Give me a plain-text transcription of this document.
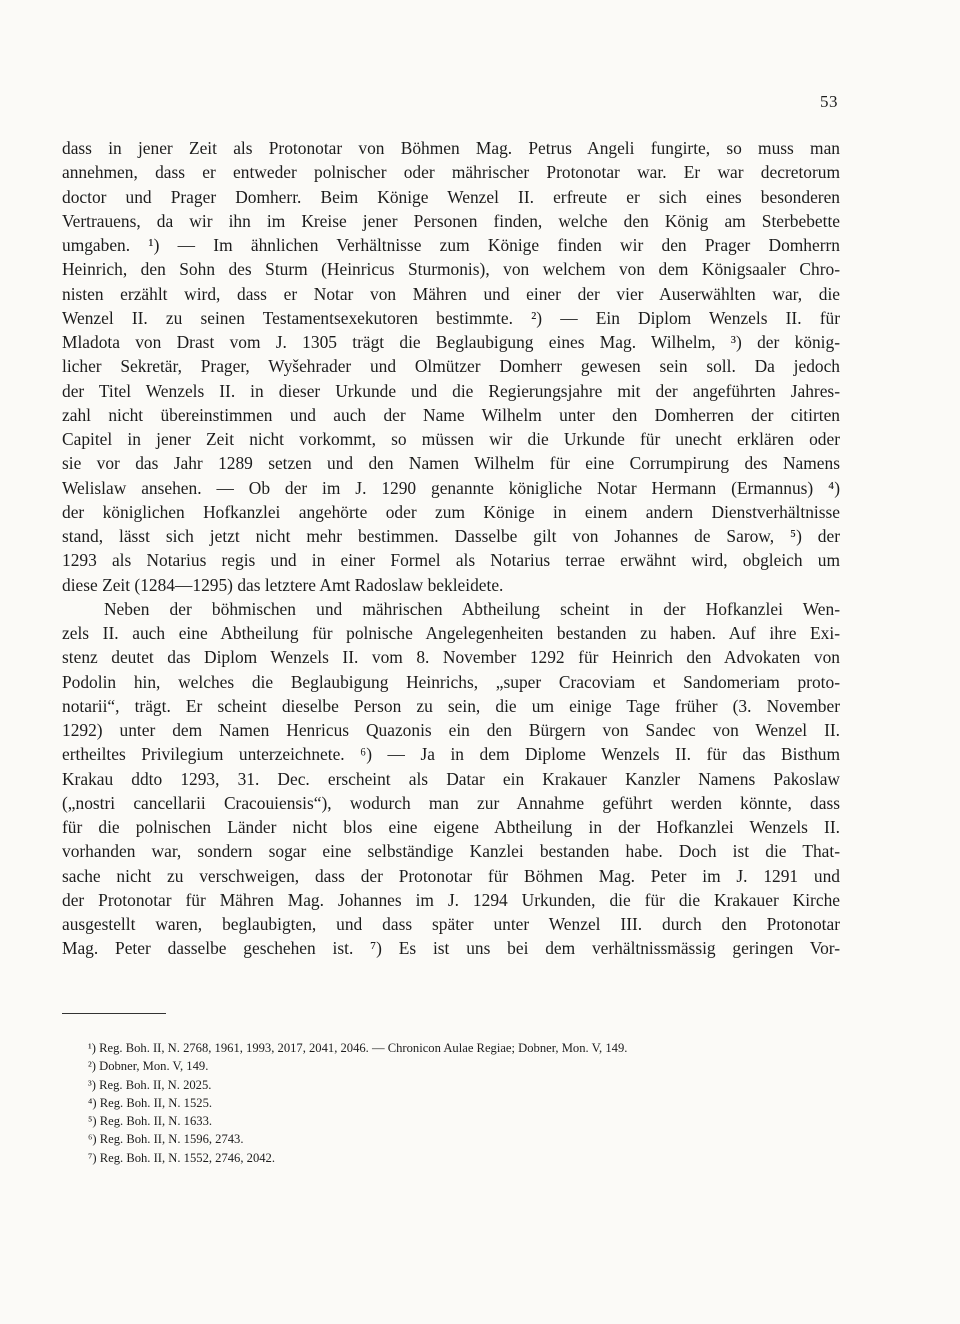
53
dass in jener Zeit als Protonotar von Böhmen Mag. Petrus Angeli fungirte, so muss man
annehmen, dass er entweder polnischer oder mährischer Protonotar war. Er war decretorum
doctor und Prager Domherr. Beim Könige Wenzel II. erfreute er sich eines besonderen
Vertrauens, da wir ihn im Kreise jener Personen finden, welche den König am Sterbebette
umgaben. ¹) — Im ähnlichen Verhältnisse zum Könige finden wir den Prager Domherrn
Heinrich, den Sohn des Sturm (Heinricus Sturmonis), von welchem von dem Königsaaler Chro-
nisten erzählt wird, dass er Notar von Mähren und einer der vier Auserwählten war, die
Wenzel II. zu seinen Testamentsexekutoren bestimmte. ²) — Ein Diplom Wenzels II. für
Mladota von Drast vom J. 1305 trägt die Beglaubigung eines Mag. Wilhelm, ³) der könig-
licher Sekretär, Prager, Wyšehrader und Olmützer Domherr gewesen sein soll. Da jedoch
der Titel Wenzels II. in dieser Urkunde und die Regierungsjahre mit der angeführten Jahres-
zahl nicht übereinstimmen und auch der Name Wilhelm unter den Domherren der citirten
Capitel in jener Zeit nicht vorkommt, so müssen wir die Urkunde für unecht erklären oder
sie vor das Jahr 1289 setzen und den Namen Wilhelm für eine Corrumpirung des Namens
Welislaw ansehen. — Ob der im J. 1290 genannte königliche Notar Hermann (Ermannus) ⁴)
der königlichen Hofkanzlei angehörte oder zum Könige in einem andern Dienstverhältnisse
stand, lässt sich jetzt nicht mehr bestimmen. Dasselbe gilt von Johannes de Sarow, ⁵) der
1293 als Notarius regis und in einer Formel als Notarius terrae erwähnt wird, obgleich um
diese Zeit (1284—1295) das letztere Amt Radoslaw bekleidete.
Neben der böhmischen und mährischen Abtheilung scheint in der Hofkanzlei Wen-
zels II. auch eine Abtheilung für polnische Angelegenheiten bestanden zu haben. Auf ihre Exi-
stenz deutet das Diplom Wenzels II. vom 8. November 1292 für Heinrich den Advokaten von
Podolin hin, welches die Beglaubigung Heinrichs, „super Cracoviam et Sandomeriam proto-
notarii“, trägt. Er scheint dieselbe Person zu sein, die um einige Tage früher (3. November
1292) unter dem Namen Henricus Quazonis ein den Bürgern von Sandec von Wenzel II.
ertheiltes Privilegium unterzeichnete. ⁶) — Ja in dem Diplome Wenzels II. für das Bisthum
Krakau ddto 1293, 31. Dec. erscheint als Datar ein Krakauer Kanzler Namens Pakoslaw
(„nostri cancellarii Cracouiensis“), wodurch man zur Annahme geführt werden könnte, dass
für die polnischen Länder nicht blos eine eigene Abtheilung in der Hofkanzlei Wenzels II.
vorhanden war, sondern sogar eine selbständige Kanzlei bestanden habe. Doch ist die That-
sache nicht zu verschweigen, dass der Protonotar für Böhmen Mag. Peter im J. 1291 und
der Protonotar für Mähren Mag. Johannes im J. 1294 Urkunden, die für die Krakauer Kirche
ausgestellt waren, beglaubigten, und dass später unter Wenzel III. durch den Protonotar
Mag. Peter dasselbe geschehen ist. ⁷) Es ist uns bei dem verhältnissmässig geringen Vor-
¹) Reg. Boh. II, N. 2768, 1961, 1993, 2017, 2041, 2046. — Chronicon Aulae Regiae; Dobner, Mon. V, 149.
²) Dobner, Mon. V, 149.
³) Reg. Boh. II, N. 2025.
⁴) Reg. Boh. II, N. 1525.
⁵) Reg. Boh. II, N. 1633.
⁶) Reg. Boh. II, N. 1596, 2743.
⁷) Reg. Boh. II, N. 1552, 2746, 2042.
